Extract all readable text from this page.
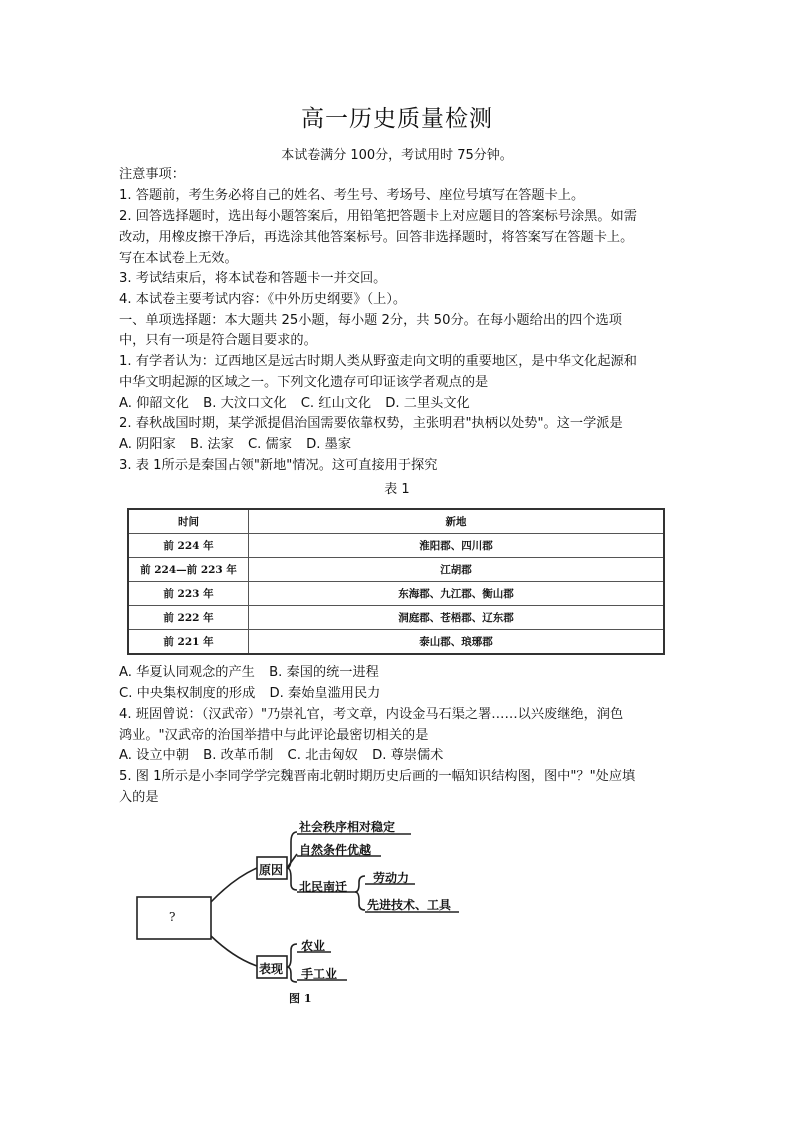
高一历史质量检测
本试卷满分 100分，考试用时 75分钟。
注意事项：
1. 答题前，考生务必将自己的姓名、考生号、考场号、座位号填写在答题卡上。
2. 回答选择题时，选出每小题答案后，用铅笔把答题卡上对应题目的答案标号涂黑。如需
改动，用橡皮擦干净后，再选涂其他答案标号。回答非选择题时，将答案写在答题卡上。
写在本试卷上无效。
3. 考试结束后，将本试卷和答题卡一并交回。
4. 本试卷主要考试内容：《中外历史纲要》（上）。
一、单项选择题：本大题共 25小题，每小题 2分，共 50分。在每小题给出的四个选项
中，只有一项是符合题目要求的。
1. 有学者认为：辽西地区是远古时期人类从野蛮走向文明的重要地区，是中华文化起源和
中华文明起源的区域之一。下列文化遗存可印证该学者观点的是
A. 仰韶文化 B. 大汶口文化 C. 红山文化 D. 二里头文化
2. 春秋战国时期，某学派提倡治国需要依靠权势，主张明君"执柄以处势"。这一学派是
A. 阴阳家 B. 法家 C. 儒家 D. 墨家
3. 表 1所示是秦国占领"新地"情况。这可直接用于探究
表 1
时间	新地
前 224 年	淮阳郡、四川郡
前 224—前 223 年	江胡郡
前 223 年	东海郡、九江郡、衡山郡
前 222 年	洞庭郡、苍梧郡、辽东郡
前 221 年	泰山郡、琅琊郡
A. 华夏认同观念的产生 B. 秦国的统一进程
C. 中央集权制度的形成 D. 秦始皇滥用民力
4. 班固曾说：（汉武帝）"乃崇礼官，考文章，内设金马石渠之署……以兴废继绝，润色
鸿业。"汉武帝的治国举措中与此评论最密切相关的是
A. 设立中朝 B. 改革币制 C. 北击匈奴 D. 尊崇儒术
5. 图 1所示是小李同学学完魏晋南北朝时期历史后画的一幅知识结构图，图中"？"处应填
入的是
?
原因
表现
社会秩序相对稳定
自然条件优越
北民南迁
劳动力
先进技术、工具
农业
手工业
图 1
